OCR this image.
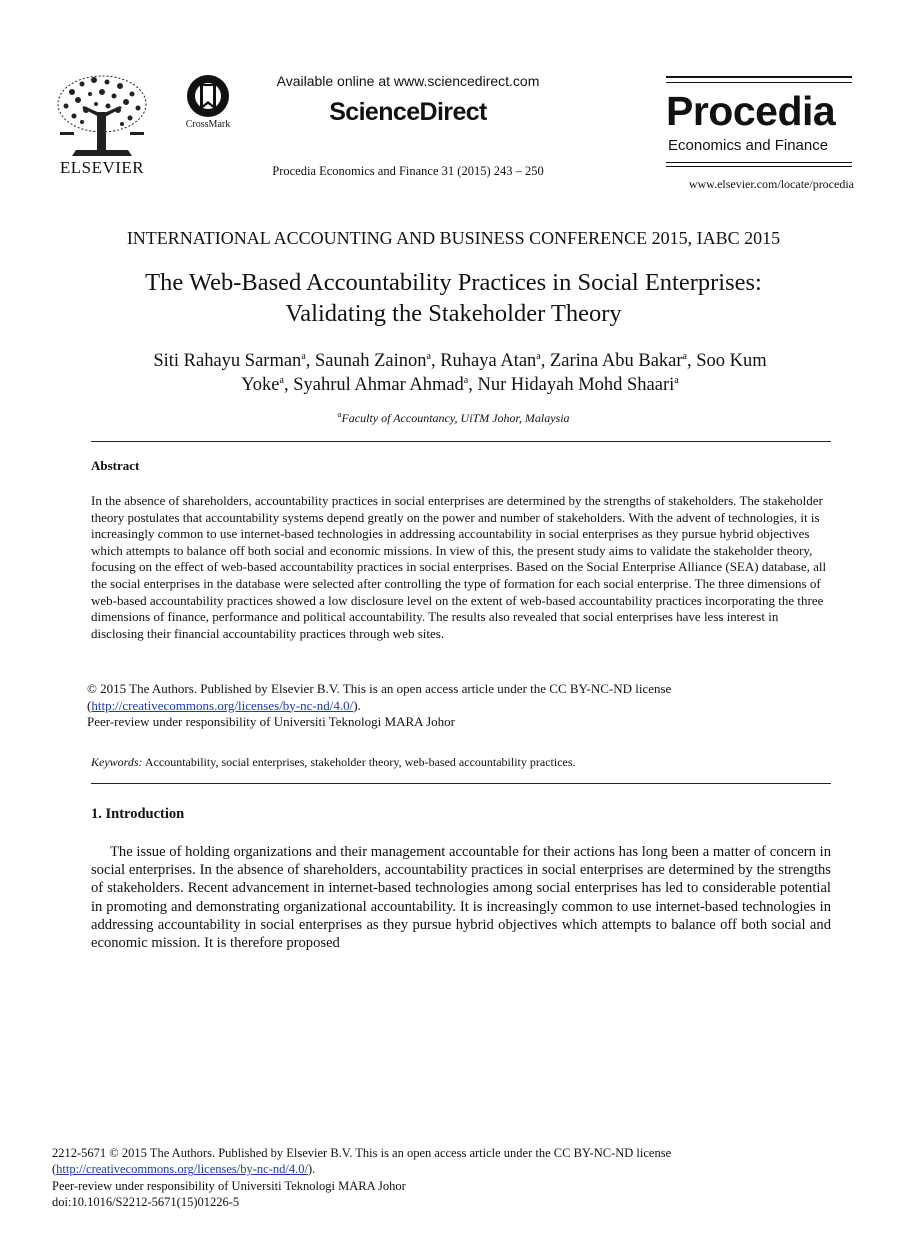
ELSEVIER
CrossMark
Available online at www.sciencedirect.com
ScienceDirect
Procedia Economics and Finance 31 (2015) 243 – 250
Procedia
Economics and Finance
www.elsevier.com/locate/procedia
INTERNATIONAL ACCOUNTING AND BUSINESS CONFERENCE 2015, IABC 2015
The Web-Based Accountability Practices in Social Enterprises:
Validating the Stakeholder Theory
Siti Rahayu Sarman$^a$, Saunah Zainon$^a$, Ruhaya Atan$^a$, Zarina Abu Bakar$^a$, Soo Kum
Yoke$^a$, Syahrul Ahmar Ahmad$^a$, Nur Hidayah Mohd Shaari$^a$
$^a$Faculty of Accountancy, UiTM Johor, Malaysia
Abstract

In the absence of shareholders, accountability practices in social enterprises are determined by the strengths of stakeholders. The stakeholder theory postulates that accountability systems depend greatly on the power and number of stakeholders. With the advent of technologies, it is increasingly common to use internet-based technologies in addressing accountability in social enterprises as they pursue hybrid objectives which attempts to balance off both social and economic missions. In view of this, the present study aims to validate the stakeholder theory, focusing on the effect of web-based accountability practices in social enterprises. Based on the Social Enterprise Alliance (SEA) database, all the social enterprises in the database were selected after controlling the type of formation for each social enterprise. The three dimensions of web-based accountability practices showed a low disclosure level on the extent of web-based accountability practices incorporating the three dimensions of finance, performance and political accountability. The results also revealed that social enterprises have less interest in disclosing their financial accountability practices through web sites.

© 2015 The Authors. Published by Elsevier B.V. This is an open access article under the CC BY-NC-ND license
(http://creativecommons.org/licenses/by-nc-nd/4.0/).
Peer-review under responsibility of Universiti Teknologi MARA Johor
Keywords: Accountability, social enterprises, stakeholder theory, web-based accountability practices.
1. Introduction

The issue of holding organizations and their management accountable for their actions has long been a matter of concern in social enterprises. In the absence of shareholders, accountability practices in social enterprises are determined by the strengths of stakeholders. Recent advancement in internet-based technologies among social enterprises has led to considerable potential in promoting and demonstrating organizational accountability. It is increasingly common to use internet-based technologies in addressing accountability in social enterprises as they pursue hybrid objectives which attempts to balance off both social and economic mission. It is therefore proposed

2212-5671 © 2015 The Authors. Published by Elsevier B.V. This is an open access article under the CC BY-NC-ND license
(http://creativecommons.org/licenses/by-nc-nd/4.0/).
Peer-review under responsibility of Universiti Teknologi MARA Johor
doi:10.1016/S2212-5671(15)01226-5
